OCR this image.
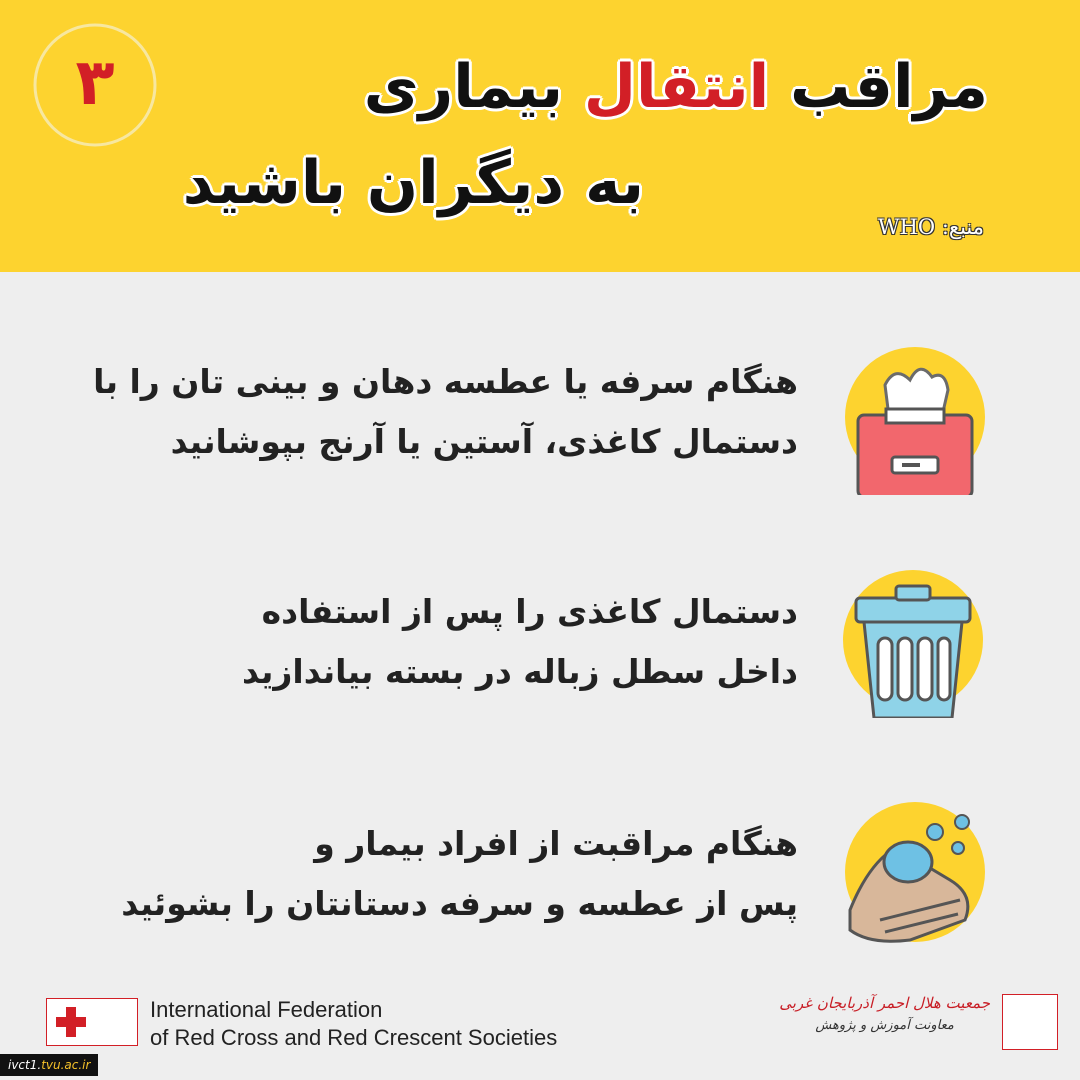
۳	مراقب انتقال بیماری
به دیگران باشید
منبع: WHO
هنگام سرفه یا عطسه دهان و بینی تان را با
دستمال کاغذی، آستین یا آرنج بپوشانید
دستمال کاغذی را پس از استفاده
داخل سطل زباله در بسته بیاندازید
هنگام مراقبت از افراد بیمار و
پس از عطسه و سرفه دستانتان را بشوئید
International Federation
of Red Cross and Red Crescent Societies
جمعیت هلال احمر آذربایجان غربی
معاونت آموزش و پژوهش
ivct1.tvu.ac.ir
